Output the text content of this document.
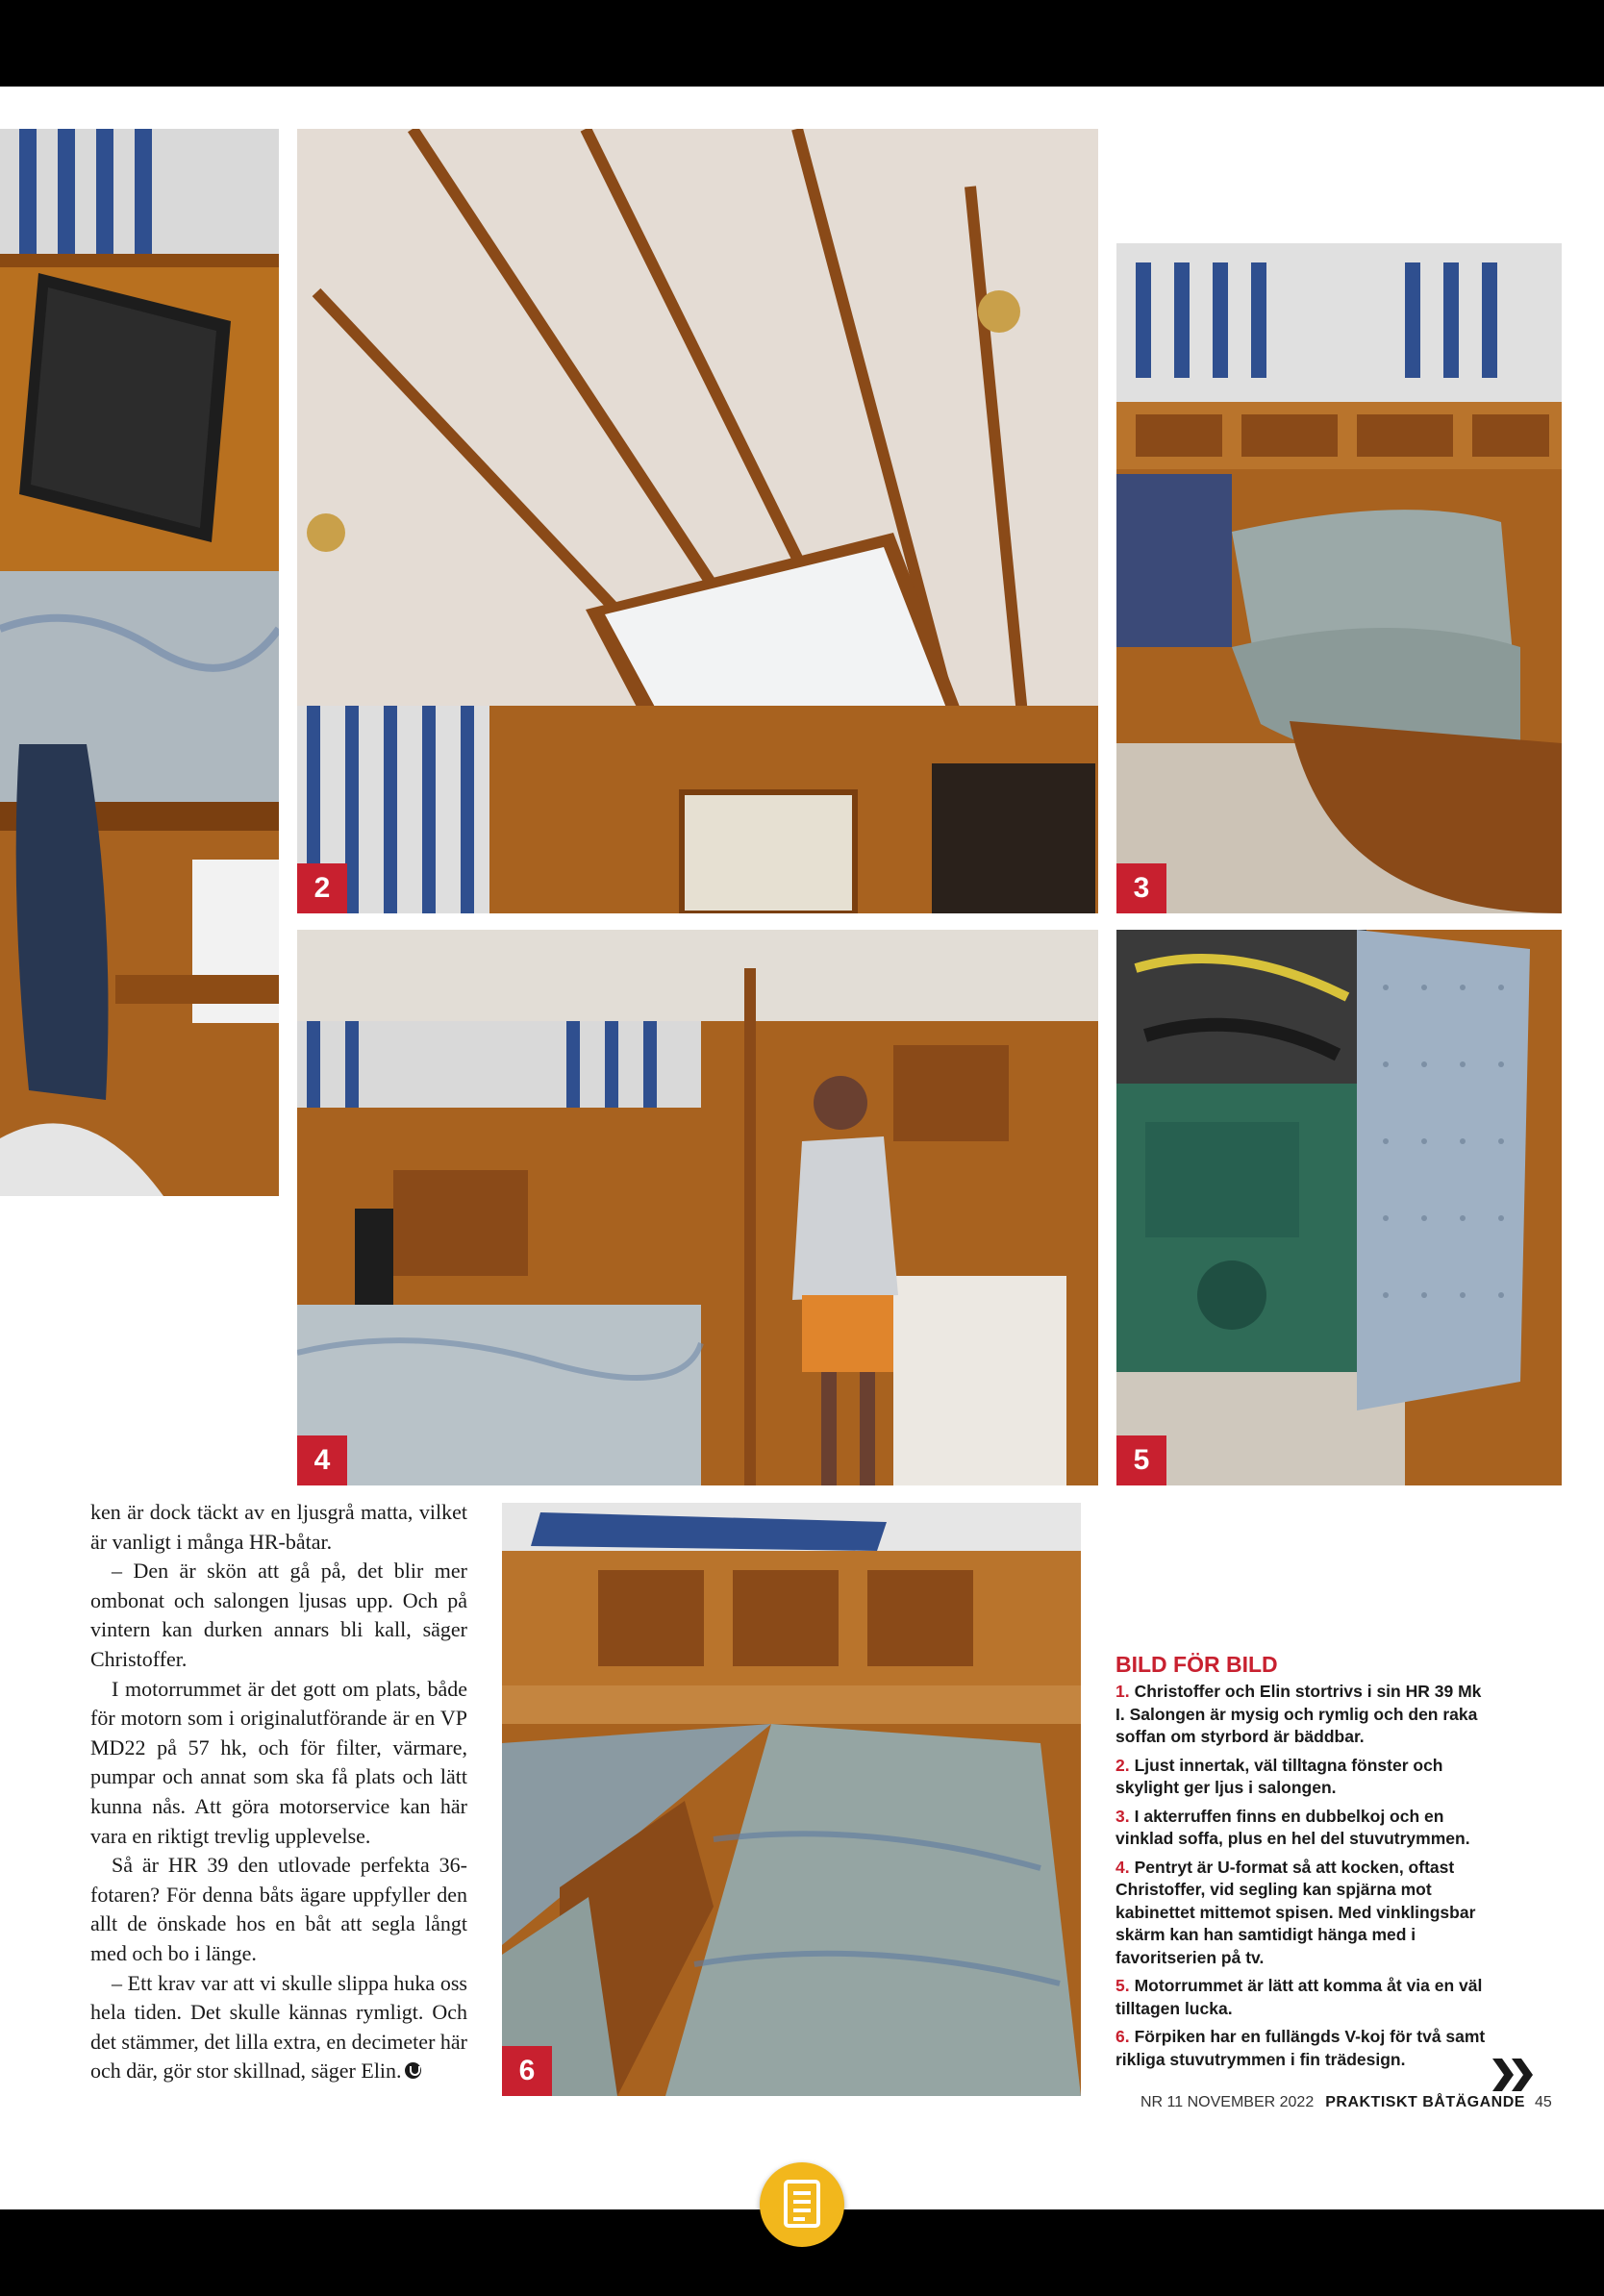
2	3
4	5
6

ken är dock täckt av en ljusgrå matta, vilket är vanligt i många HR-båtar.

– Den är skön att gå på, det blir mer ombonat och salongen ljusas upp. Och på vintern kan durken annars bli kall, säger Christoffer.

I motorrummet är det gott om plats, både för motorn som i originalutförande är en VP MD22 på 57 hk, och för filter, värmare, pumpar och annat som ska få plats och lätt kunna nås. Att göra motorservice kan här vara en riktigt trevlig upplevelse.

Så är HR 39 den utlovade perfekta 36-fotaren? För denna båts ägare uppfyller den allt de önskade hos en båt att segla långt med och bo i länge.

– Ett krav var att vi skulle slippa huka oss hela tiden. Det skulle kännas rymligt. Och det stämmer, det lilla extra, en decimeter här och där, gör stor skillnad, säger Elin.

BILD FÖR BILD
1. Christoffer och Elin stortrivs i sin HR 39 Mk I. Salongen är mysig och rymlig och den raka soffan om styrbord är bäddbar.
2. Ljust innertak, väl tilltagna fönster och skylight ger ljus i salongen.
3. I akterruffen finns en dubbelkoj och en vinklad soffa, plus en hel del stuvutrymmen.
4. Pentryt är U-format så att kocken, oftast Christoffer, vid segling kan spjärna mot kabinettet mittemot spisen. Med vinklingsbar skärm kan han samtidigt hänga med i favoritserien på tv.
5. Motorrummet är lätt att komma åt via en väl tilltagen lucka.
6. Förpiken har en fullängds V-koj för två samt rikliga stuvutrymmen i fin trädesign.
NR 11 NOVEMBER 2022 PRAKTISKT BÅTÄGANDE 45
